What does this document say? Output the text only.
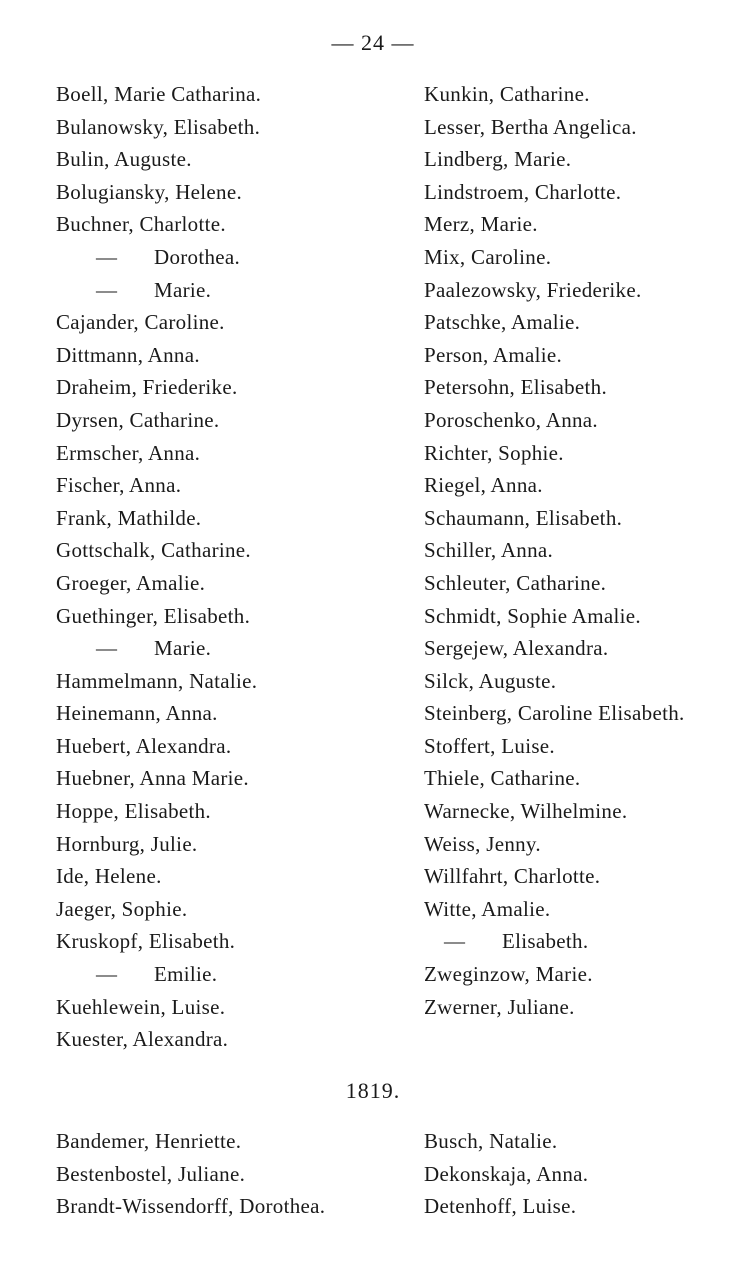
— 24 —
Boell, Marie Catharina.
Bulanowsky, Elisabeth.
Bulin, Auguste.
Bolugiansky, Helene.
Buchner, Charlotte.
— Dorothea.
— Marie.
Cajander, Caroline.
Dittmann, Anna.
Draheim, Friederike.
Dyrsen, Catharine.
Ermscher, Anna.
Fischer, Anna.
Frank, Mathilde.
Gottschalk, Catharine.
Groeger, Amalie.
Guethinger, Elisabeth.
— Marie.
Hammelmann, Natalie.
Heinemann, Anna.
Huebert, Alexandra.
Huebner, Anna Marie.
Hoppe, Elisabeth.
Hornburg, Julie.
Ide, Helene.
Jaeger, Sophie.
Kruskopf, Elisabeth.
— Emilie.
Kuehlewein, Luise.
Kuester, Alexandra.
Kunkin, Catharine.
Lesser, Bertha Angelica.
Lindberg, Marie.
Lindstroem, Charlotte.
Merz, Marie.
Mix, Caroline.
Paalezowsky, Friederike.
Patschke, Amalie.
Person, Amalie.
Petersohn, Elisabeth.
Poroschenko, Anna.
Richter, Sophie.
Riegel, Anna.
Schaumann, Elisabeth.
Schiller, Anna.
Schleuter, Catharine.
Schmidt, Sophie Amalie.
Sergejew, Alexandra.
Silck, Auguste.
Steinberg, Caroline Elisabeth.
Stoffert, Luise.
Thiele, Catharine.
Warnecke, Wilhelmine.
Weiss, Jenny.
Willfahrt, Charlotte.
Witte, Amalie.
— Elisabeth.
Zweginzow, Marie.
Zwerner, Juliane.
1819.
Bandemer, Henriette.
Bestenbostel, Juliane.
Brandt-Wissendorff, Dorothea.
Busch, Natalie.
Dekonskaja, Anna.
Detenhoff, Luise.
